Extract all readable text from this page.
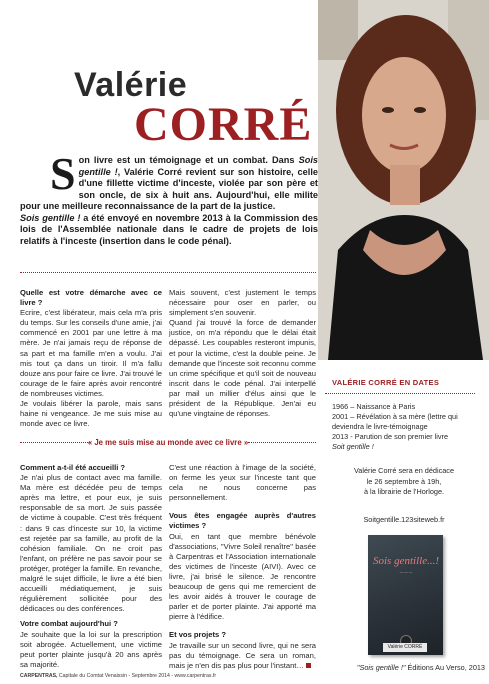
Valérie
CORRÉ
Son livre est un témoignage et un combat. Dans Sois gentille !, Valérie Corré revient sur son histoire, celle d'une fillette victime d'inceste, violée par son père et son oncle, de six à huit ans. Aujourd'hui, elle milite pour une meilleure reconnaissance de la part de la justice.
Sois gentille ! a été envoyé en novembre 2013 à la Commission des lois de l'Assemblée nationale dans le cadre de projets de lois relatifs à l'inceste (insertion dans le code pénal).

Quelle est votre démarche avec ce livre ?

Ecrire, c'est libérateur, mais cela m'a pris du temps. Sur les conseils d'une amie, j'ai commencé en 2001 par une lettre à ma mère. Je n'ai jamais reçu de réponse de sa part et ma famille m'en a voulu. J'ai mis tout ça dans un tiroir. Il m'a fallu douze ans pour faire ce livre. J'ai trouvé le courage de le faire après avoir rencontré de nombreuses victimes.

Je voulais libérer la parole, mais sans haine ni vengeance. Je me suis mise au monde avec ce livre.

Mais souvent, c'est justement le temps nécessaire pour oser en parler, ou simplement s'en souvenir.

Quand j'ai trouvé la force de demander justice, on m'a répondu que le délai était dépassé. Les coupables resteront impunis, et pour la victime, c'est la double peine. Je demande que l'inceste soit reconnu comme un crime spécifique et qu'il soit de nouveau inscrit dans le code pénal. J'ai interpellé par mail un millier d'élus ainsi que le président de la République. Jen'ai eu qu'une vingtaine de réponses.

« Je me suis mise au monde avec ce livre »

Comment a-t-il été accueilli ?

Je n'ai plus de contact avec ma famille. Ma mère est décédée peu de temps après ma lettre, et pour eux, je suis responsable de sa mort. Je suis passée de victime à coupable. C'est très fréquent : dans 9 cas d'inceste sur 10, la victime est rejetée par sa famille, au profit de la cohésion familiale. On ne croit pas l'enfant, on préfère ne pas savoir pour se protéger, protéger la famille. En revanche, malgré le sujet difficile, le livre a été bien accueilli médiatiquement, je suis régulièrement sollicitée pour des dédicaces ou des conférences.

Votre combat aujourd'hui ?

Je souhaite que la loi sur la prescription soit abrogée. Actuellement, une victime peut porter plainte jusqu'à 20 ans après sa majorité.

C'est une réaction à l'image de la société, on ferme les yeux sur l'inceste tant que cela ne nous concerne pas personnellement.

Vous êtes engagée auprès d'autres victimes ?

Oui, en tant que membre bénévole d'associations, "Vivre Soleil renaître" basée à Carpentras et l'Association internationale des victimes de l'inceste (AIVI). Avec ce livre, j'ai brisé le silence. Je rencontre beaucoup de gens qui me remercient de les avoir aidés à trouver le courage de parler et de porter plainte. J'ai apporté ma pierre à l'édifice.

Et vos projets ?

Je travaille sur un second livre, qui ne sera pas du témoignage. Ce sera un roman, mais je n'en dis pas plus pour l'instant…

VALÉRIE CORRÉ EN DATES
1966 – Naissance à Paris
2001 – Révélation à sa mère (lettre qui deviendra le livre-témoignage
2013 - Parution de son premier livre
Soit gentille !
Valérie Corré sera en dédicace
le 26 septembre à 19h,
à la librairie de l'Horloge.
Soitgentille.123siteweb.fr
Sois gentille...!
— — —
Valérie CORRÉ
"Sois gentille !" Éditions Au Verso, 2013
CARPENTRAS, Capitale du Comtat Venaissin - Septembre 2014 - www.carpentras.fr
